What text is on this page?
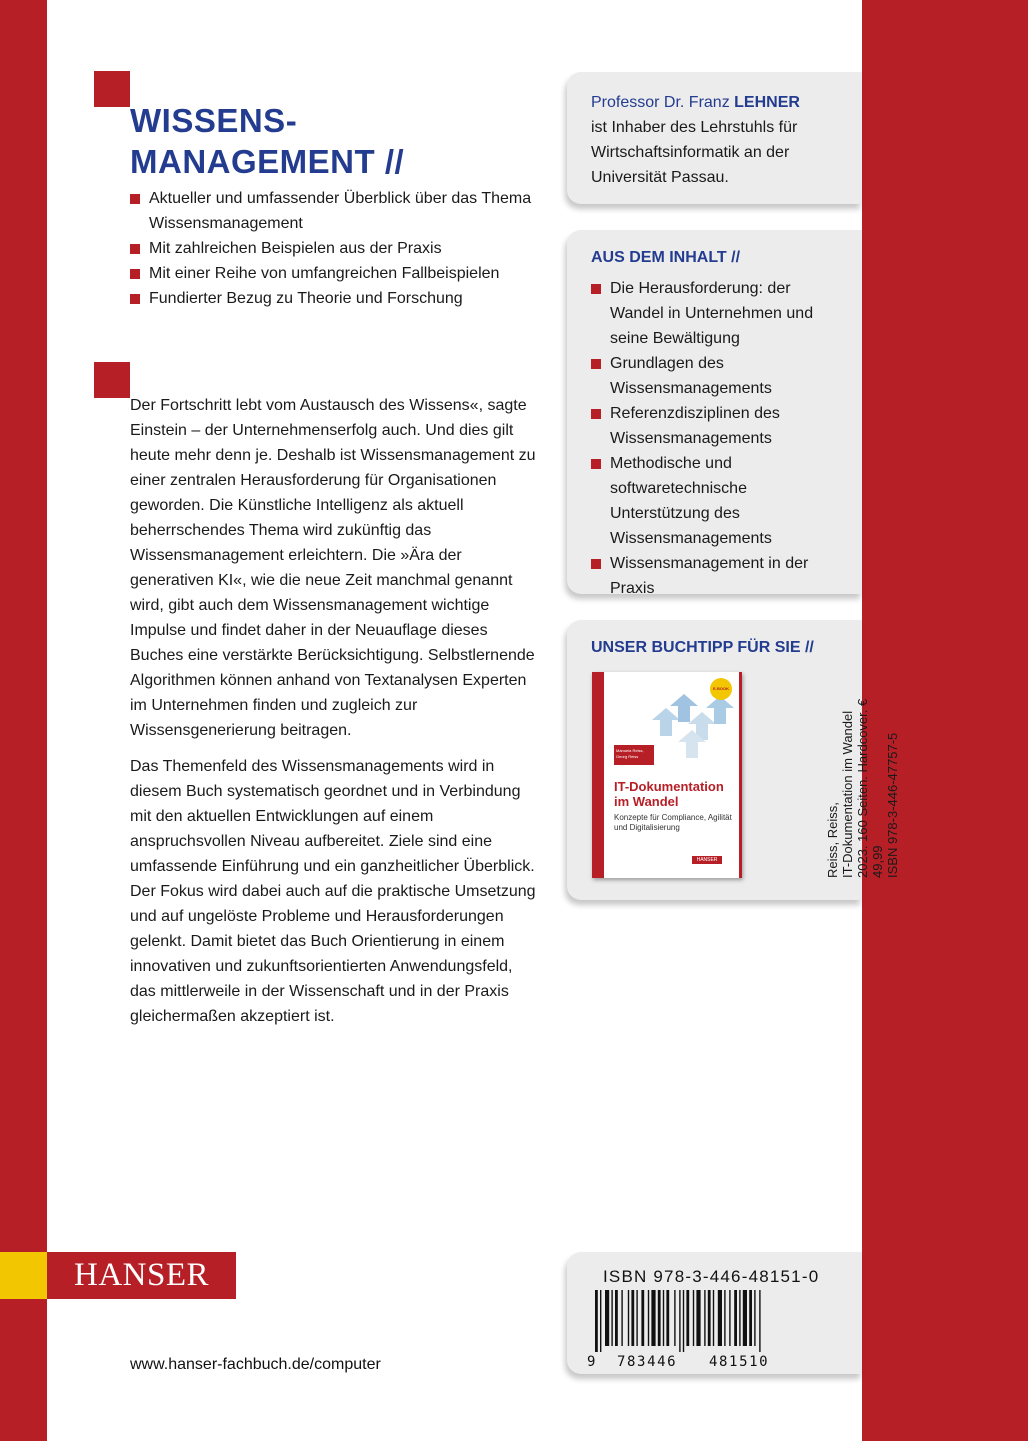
WISSENS-
MANAGEMENT //
Aktueller und umfassender Überblick über das Thema Wissensmanagement
Mit zahlreichen Beispielen aus der Praxis
Mit einer Reihe von umfangreichen Fallbeispielen
Fundierter Bezug zu Theorie und Forschung

Der Fortschritt lebt vom Austausch des Wissens«, sagte Einstein – der Unternehmenserfolg auch. Und dies gilt heute mehr denn je. Deshalb ist Wissensmanagement zu einer zentralen Herausforderung für Organisationen geworden. Die Künstliche Intelligenz als aktuell beherrschendes Thema wird zukünftig das Wissensmanagement erleichtern. Die »Ära der generativen KI«, wie die neue Zeit manchmal genannt wird, gibt auch dem Wissensmanagement wichtige Impulse und findet daher in der Neuauflage dieses Buches eine verstärkte Berücksichtigung. Selbstlernende Algorithmen können anhand von Textanalysen Experten im Unternehmen finden und zugleich zur Wissensgenerierung beitragen.

Das Themenfeld des Wissensmanagements wird in diesem Buch systematisch geordnet und in Verbindung mit den aktuellen Entwicklungen auf einem anspruchsvollen Niveau aufbereitet. Ziele sind eine umfassende Einführung und ein ganzheitlicher Überblick. Der Fokus wird dabei auch auf die praktische Umsetzung und auf ungelöste Probleme und Herausforderungen gelenkt. Damit bietet das Buch Orientierung in einem innovativen und zukunftsorientierten Anwendungsfeld, das mittlerweile in der Wissenschaft und in der Praxis gleichermaßen akzeptiert ist.

Professor Dr. Franz LEHNER
ist Inhaber des Lehrstuhls für Wirtschaftsinformatik an der Universität Passau.
AUS DEM INHALT //
Die Herausforderung: der Wandel in Unternehmen und seine Bewältigung
Grundlagen des Wissensmanagements
Referenzdisziplinen des Wissensmanagements
Methodische und softwaretechnische Unterstützung des Wissensmanagements
Wissensmanagement in der Praxis
UNSER BUCHTIPP FÜR SIE //
E-BOOK
Manuela Reiss, Georg Reiss
IT-Dokumentation im Wandel
Konzepte für Compliance, Agilität und Digitalisierung
HANSER	Reiss, Reiss, IT-Dokumentation im Wandel 2023. 160 Seiten. Hardcover. € 49,99 ISBN 978-3-446-47757-5
ISBN 978-3-446-48151-0
9 783446 481510
HANSER
www.hanser-fachbuch.de/computer
